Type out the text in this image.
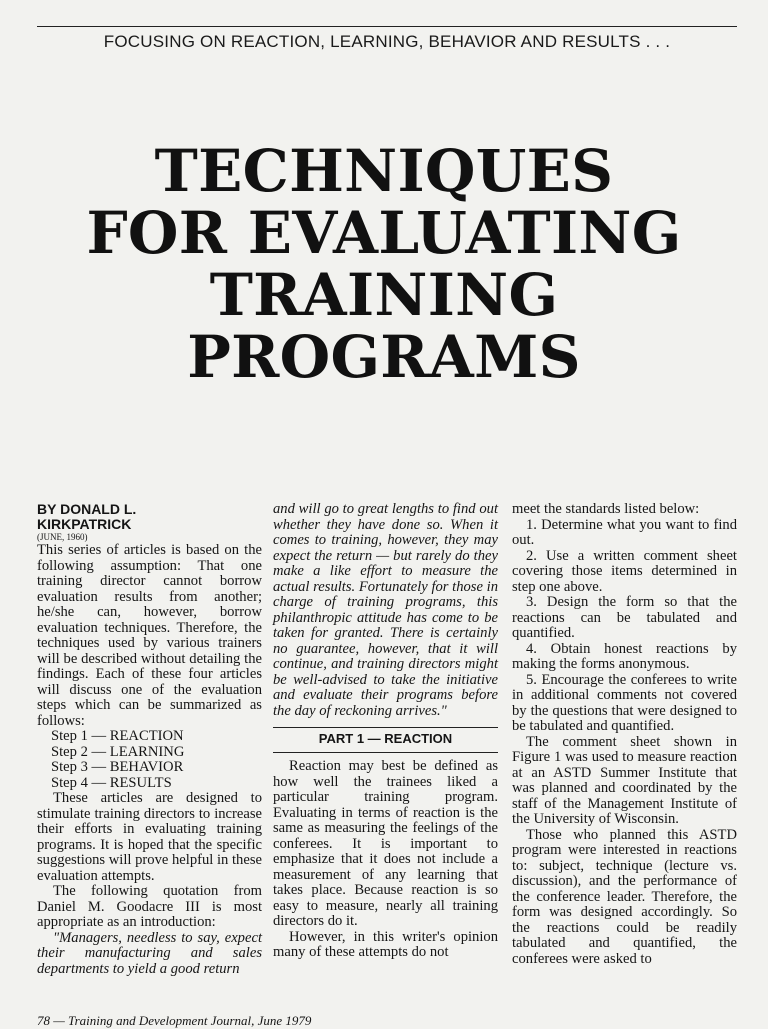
FOCUSING ON REACTION, LEARNING, BEHAVIOR AND RESULTS . . .
TECHNIQUES
FOR EVALUATING
TRAINING
PROGRAMS
BY DONALD L.
KIRKPATRICK
(JUNE, 1960)

This series of articles is based on the following assumption: That one training director cannot borrow evaluation results from another; he/she can, however, borrow evaluation techniques. Therefore, the techniques used by various trainers will be described without detailing the findings. Each of these four articles will discuss one of the evaluation steps which can be summarized as follows:

Step 1 — REACTION
Step 2 — LEARNING
Step 3 — BEHAVIOR
Step 4 — RESULTS

These articles are designed to stimulate training directors to increase their efforts in evaluating training programs. It is hoped that the specific suggestions will prove helpful in these evaluation attempts.

The following quotation from Daniel M. Goodacre III is most appropriate as an introduction:

"Managers, needless to say, expect their manufacturing and sales departments to yield a good return

and will go to great lengths to find out whether they have done so. When it comes to training, however, they may expect the return — but rarely do they make a like effort to measure the actual results. Fortunately for those in charge of training programs, this philanthropic attitude has come to be taken for granted. There is certainly no guarantee, however, that it will continue, and training directors might be well-advised to take the initiative and evaluate their programs before the day of reckoning arrives."

PART 1 — REACTION

Reaction may best be defined as how well the trainees liked a particular training program. Evaluating in terms of reaction is the same as measuring the feelings of the conferees. It is important to emphasize that it does not include a measurement of any learning that takes place. Because reaction is so easy to measure, nearly all training directors do it.

However, in this writer's opinion many of these attempts do not

meet the standards listed below:

1. Determine what you want to find out.

2. Use a written comment sheet covering those items determined in step one above.

3. Design the form so that the reactions can be tabulated and quantified.

4. Obtain honest reactions by making the forms anonymous.

5. Encourage the conferees to write in additional comments not covered by the questions that were designed to be tabulated and quantified.

The comment sheet shown in Figure 1 was used to measure reaction at an ASTD Summer Institute that was planned and coordinated by the staff of the Management Institute of the University of Wisconsin.

Those who planned this ASTD program were interested in reactions to: subject, technique (lecture vs. discussion), and the performance of the conference leader. Therefore, the form was designed accordingly. So the reactions could be readily tabulated and quantified, the conferees were asked to

78 — Training and Development Journal, June 1979
